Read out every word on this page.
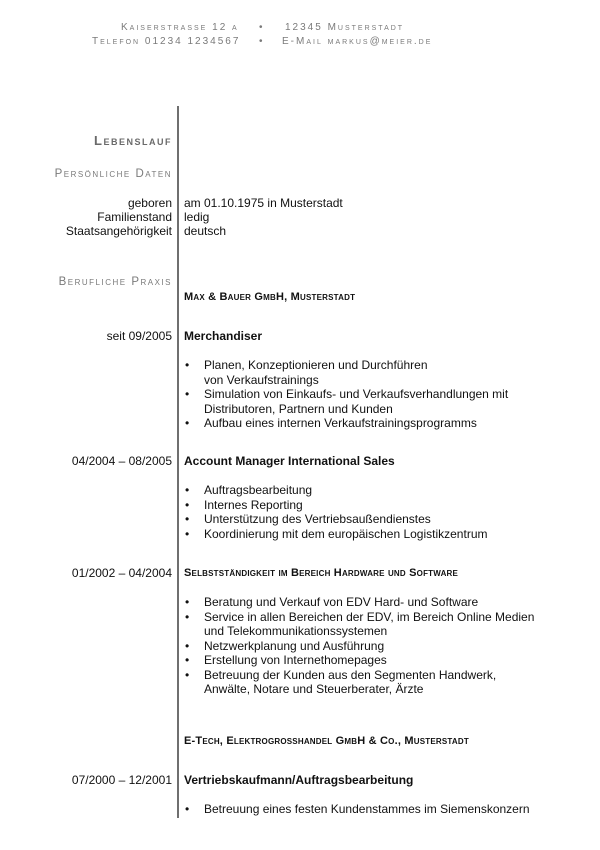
Kaiserstrasse 12 a • 12345 Musterstadt
Telefon 01234 1234567 • E-Mail markus@meier.de
Lebenslauf
Persönliche Daten
geboren am 01.10.1975 in Musterstadt
Familienstand ledig
Staatsangehörigkeit deutsch
Berufliche Praxis
Max & Bauer GmbH, Musterstadt
seit 09/2005 Merchandiser
• Planen, Konzeptionieren und Durchführen von Verkaufstrainings
• Simulation von Einkaufs- und Verkaufsverhandlungen mit Distributoren, Partnern und Kunden
• Aufbau eines internen Verkaufstrainingsprogramms
04/2004 – 08/2005 Account Manager International Sales
• Auftragsbearbeitung
• Internes Reporting
• Unterstützung des Vertriebsaußendienstes
• Koordinierung mit dem europäischen Logistikzentrum
01/2002 – 04/2004 Selbstständigkeit im Bereich Hardware und Software
• Beratung und Verkauf von EDV Hard- und Software
• Service in allen Bereichen der EDV, im Bereich Online Medien und Telekommunikationssystemen
• Netzwerkplanung und Ausführung
• Erstellung von Internethomepages
• Betreuung der Kunden aus den Segmenten Handwerk, Anwälte, Notare und Steuerberater, Ärzte
E-Tech, Elektrogrosshandel GmbH & Co., Musterstadt
07/2000 – 12/2001 Vertriebskaufmann/Auftragsbearbeitung
• Betreuung eines festen Kundenstammes im Siemenskonzern
